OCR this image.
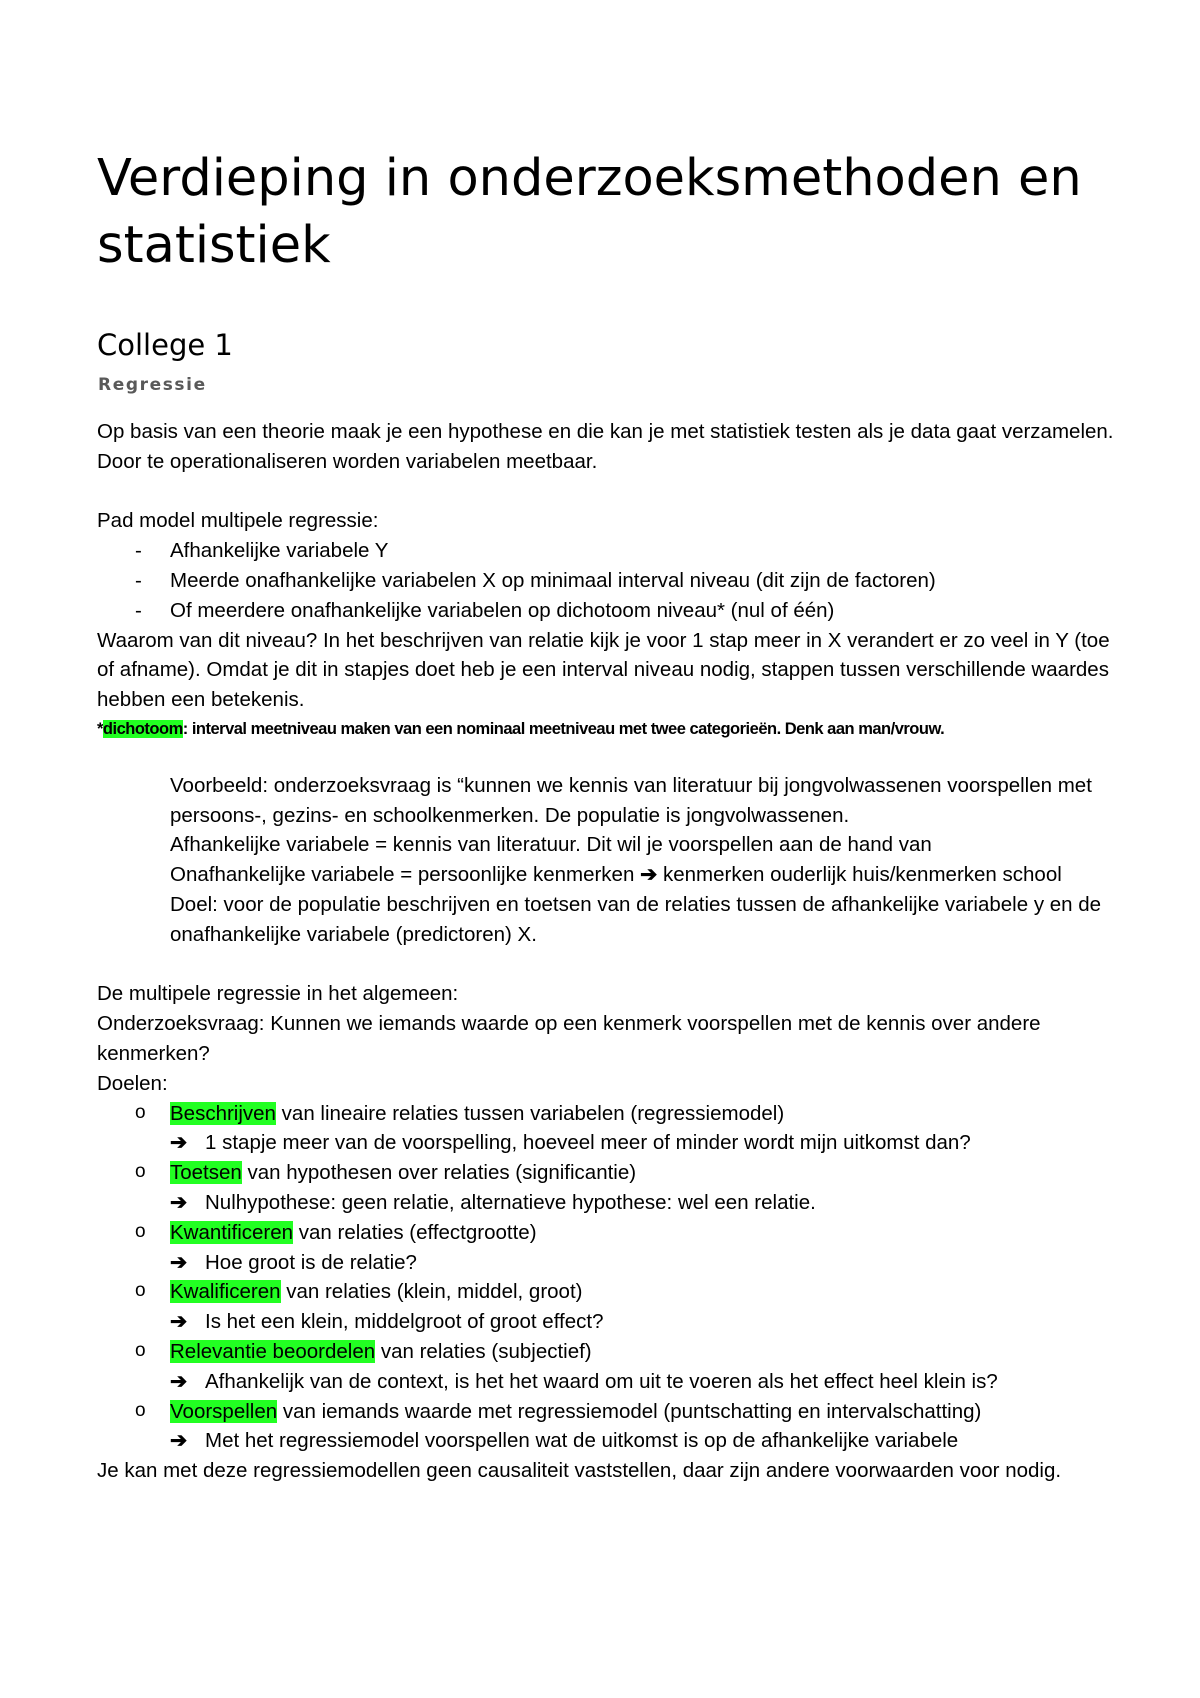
Verdieping in onderzoeksmethoden en statistiek
College 1
Regressie

Op basis van een theorie maak je een hypothese en die kan je met statistiek testen als je data gaat verzamelen. Door te operationaliseren worden variabelen meetbaar.

Pad model multipele regressie:

- Afhankelijke variabele Y

- Meerde onafhankelijke variabelen X op minimaal interval niveau (dit zijn de factoren)

- Of meerdere onafhankelijke variabelen op dichotoom niveau* (nul of één)

Waarom van dit niveau? In het beschrijven van relatie kijk je voor 1 stap meer in X verandert er zo veel in Y (toe of afname). Omdat je dit in stapjes doet heb je een interval niveau nodig, stappen tussen verschillende waardes hebben een betekenis.

*dichotoom: interval meetniveau maken van een nominaal meetniveau met twee categorieën. Denk aan man/vrouw.

Voorbeeld: onderzoeksvraag is “kunnen we kennis van literatuur bij jongvolwassenen voorspellen met persoons-, gezins- en schoolkenmerken. De populatie is jongvolwassenen.

Afhankelijke variabele = kennis van literatuur. Dit wil je voorspellen aan de hand van

Onafhankelijke variabele = persoonlijke kenmerken ➔ kenmerken ouderlijk huis/kenmerken school

Doel: voor de populatie beschrijven en toetsen van de relaties tussen de afhankelijke variabele y en de onafhankelijke variabele (predictoren) X.

De multipele regressie in het algemeen:

Onderzoeksvraag: Kunnen we iemands waarde op een kenmerk voorspellen met de kennis over andere kenmerken?

Doelen:

o Beschrijven van lineaire relaties tussen variabelen (regressiemodel)

➔ 1 stapje meer van de voorspelling, hoeveel meer of minder wordt mijn uitkomst dan?

o Toetsen van hypothesen over relaties (significantie)

➔ Nulhypothese: geen relatie, alternatieve hypothese: wel een relatie.

o Kwantificeren van relaties (effectgrootte)

➔ Hoe groot is de relatie?

o Kwalificeren van relaties (klein, middel, groot)

➔ Is het een klein, middelgroot of groot effect?

o Relevantie beoordelen van relaties (subjectief)

➔ Afhankelijk van de context, is het het waard om uit te voeren als het effect heel klein is?

o Voorspellen van iemands waarde met regressiemodel (puntschatting en intervalschatting)

➔ Met het regressiemodel voorspellen wat de uitkomst is op de afhankelijke variabele

Je kan met deze regressiemodellen geen causaliteit vaststellen, daar zijn andere voorwaarden voor nodig.
